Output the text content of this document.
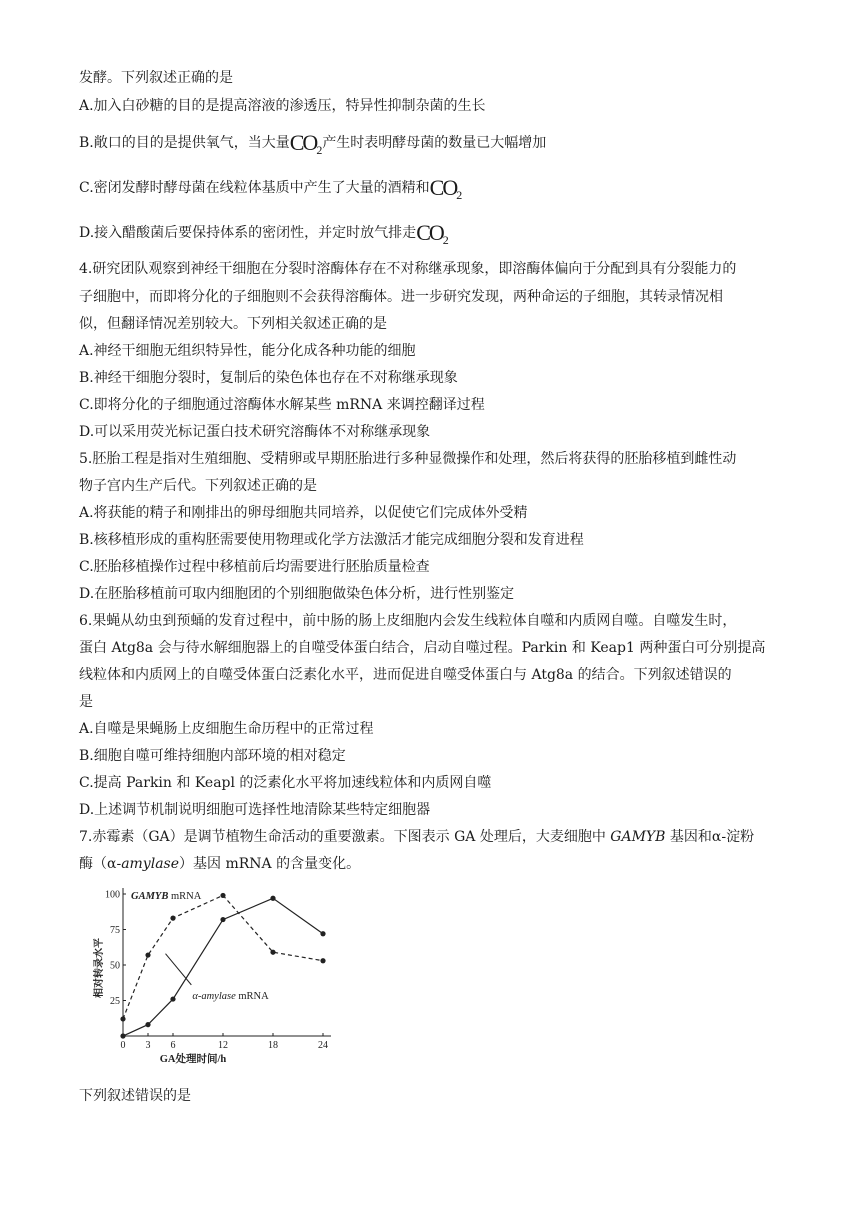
发酵。下列叙述正确的是
A.加入白砂糖的目的是提高溶液的渗透压，特异性抑制杂菌的生长
B.敞口的目的是提供氧气，当大量$CO_2$产生时表明酵母菌的数量已大幅增加
C.密闭发酵时酵母菌在线粒体基质中产生了大量的酒精和$CO_2$
D.接入醋酸菌后要保持体系的密闭性，并定时放气排走$CO_2$
4.研究团队观察到神经干细胞在分裂时溶酶体存在不对称继承现象，即溶酶体偏向于分配到具有分裂能力的
子细胞中，而即将分化的子细胞则不会获得溶酶体。进一步研究发现，两种命运的子细胞，其转录情况相
似，但翻译情况差别较大。下列相关叙述正确的是
A.神经干细胞无组织特异性，能分化成各种功能的细胞
B.神经干细胞分裂时，复制后的染色体也存在不对称继承现象
C.即将分化的子细胞通过溶酶体水解某些 mRNA 来调控翻译过程
D.可以采用荧光标记蛋白技术研究溶酶体不对称继承现象
5.胚胎工程是指对生殖细胞、受精卵或早期胚胎进行多种显微操作和处理，然后将获得的胚胎移植到雌性动
物子宫内生产后代。下列叙述正确的是
A.将获能的精子和刚排出的卵母细胞共同培养，以促使它们完成体外受精
B.核移植形成的重构胚需要使用物理或化学方法激活才能完成细胞分裂和发育进程
C.胚胎移植操作过程中移植前后均需要进行胚胎质量检查
D.在胚胎移植前可取内细胞团的个别细胞做染色体分析，进行性别鉴定
6.果蝇从幼虫到预蛹的发育过程中，前中肠的肠上皮细胞内会发生线粒体自噬和内质网自噬。自噬发生时，
蛋白 Atg8a 会与待水解细胞器上的自噬受体蛋白结合，启动自噬过程。Parkin 和 Keap1 两种蛋白可分别提高
线粒体和内质网上的自噬受体蛋白泛素化水平，进而促进自噬受体蛋白与 Atg8a 的结合。下列叙述错误的
是
A.自噬是果蝇肠上皮细胞生命历程中的正常过程
B.细胞自噬可维持细胞内部环境的相对稳定
C.提高 Parkin 和 Keapl 的泛素化水平将加速线粒体和内质网自噬
D.上述调节机制说明细胞可选择性地清除某些特定细胞器
7.赤霉素（GA）是调节植物生命活动的重要激素。下图表示 GA 处理后，大麦细胞中 GAMYB 基因和α-淀粉
酶（α-amylase）基因 mRNA 的含量变化。
0 3 6	12	18	24
25
50
75
100
GA处理时间/h
相对转录水平
GAMYB mRNA
α-amylase mRNA
下列叙述错误的是
